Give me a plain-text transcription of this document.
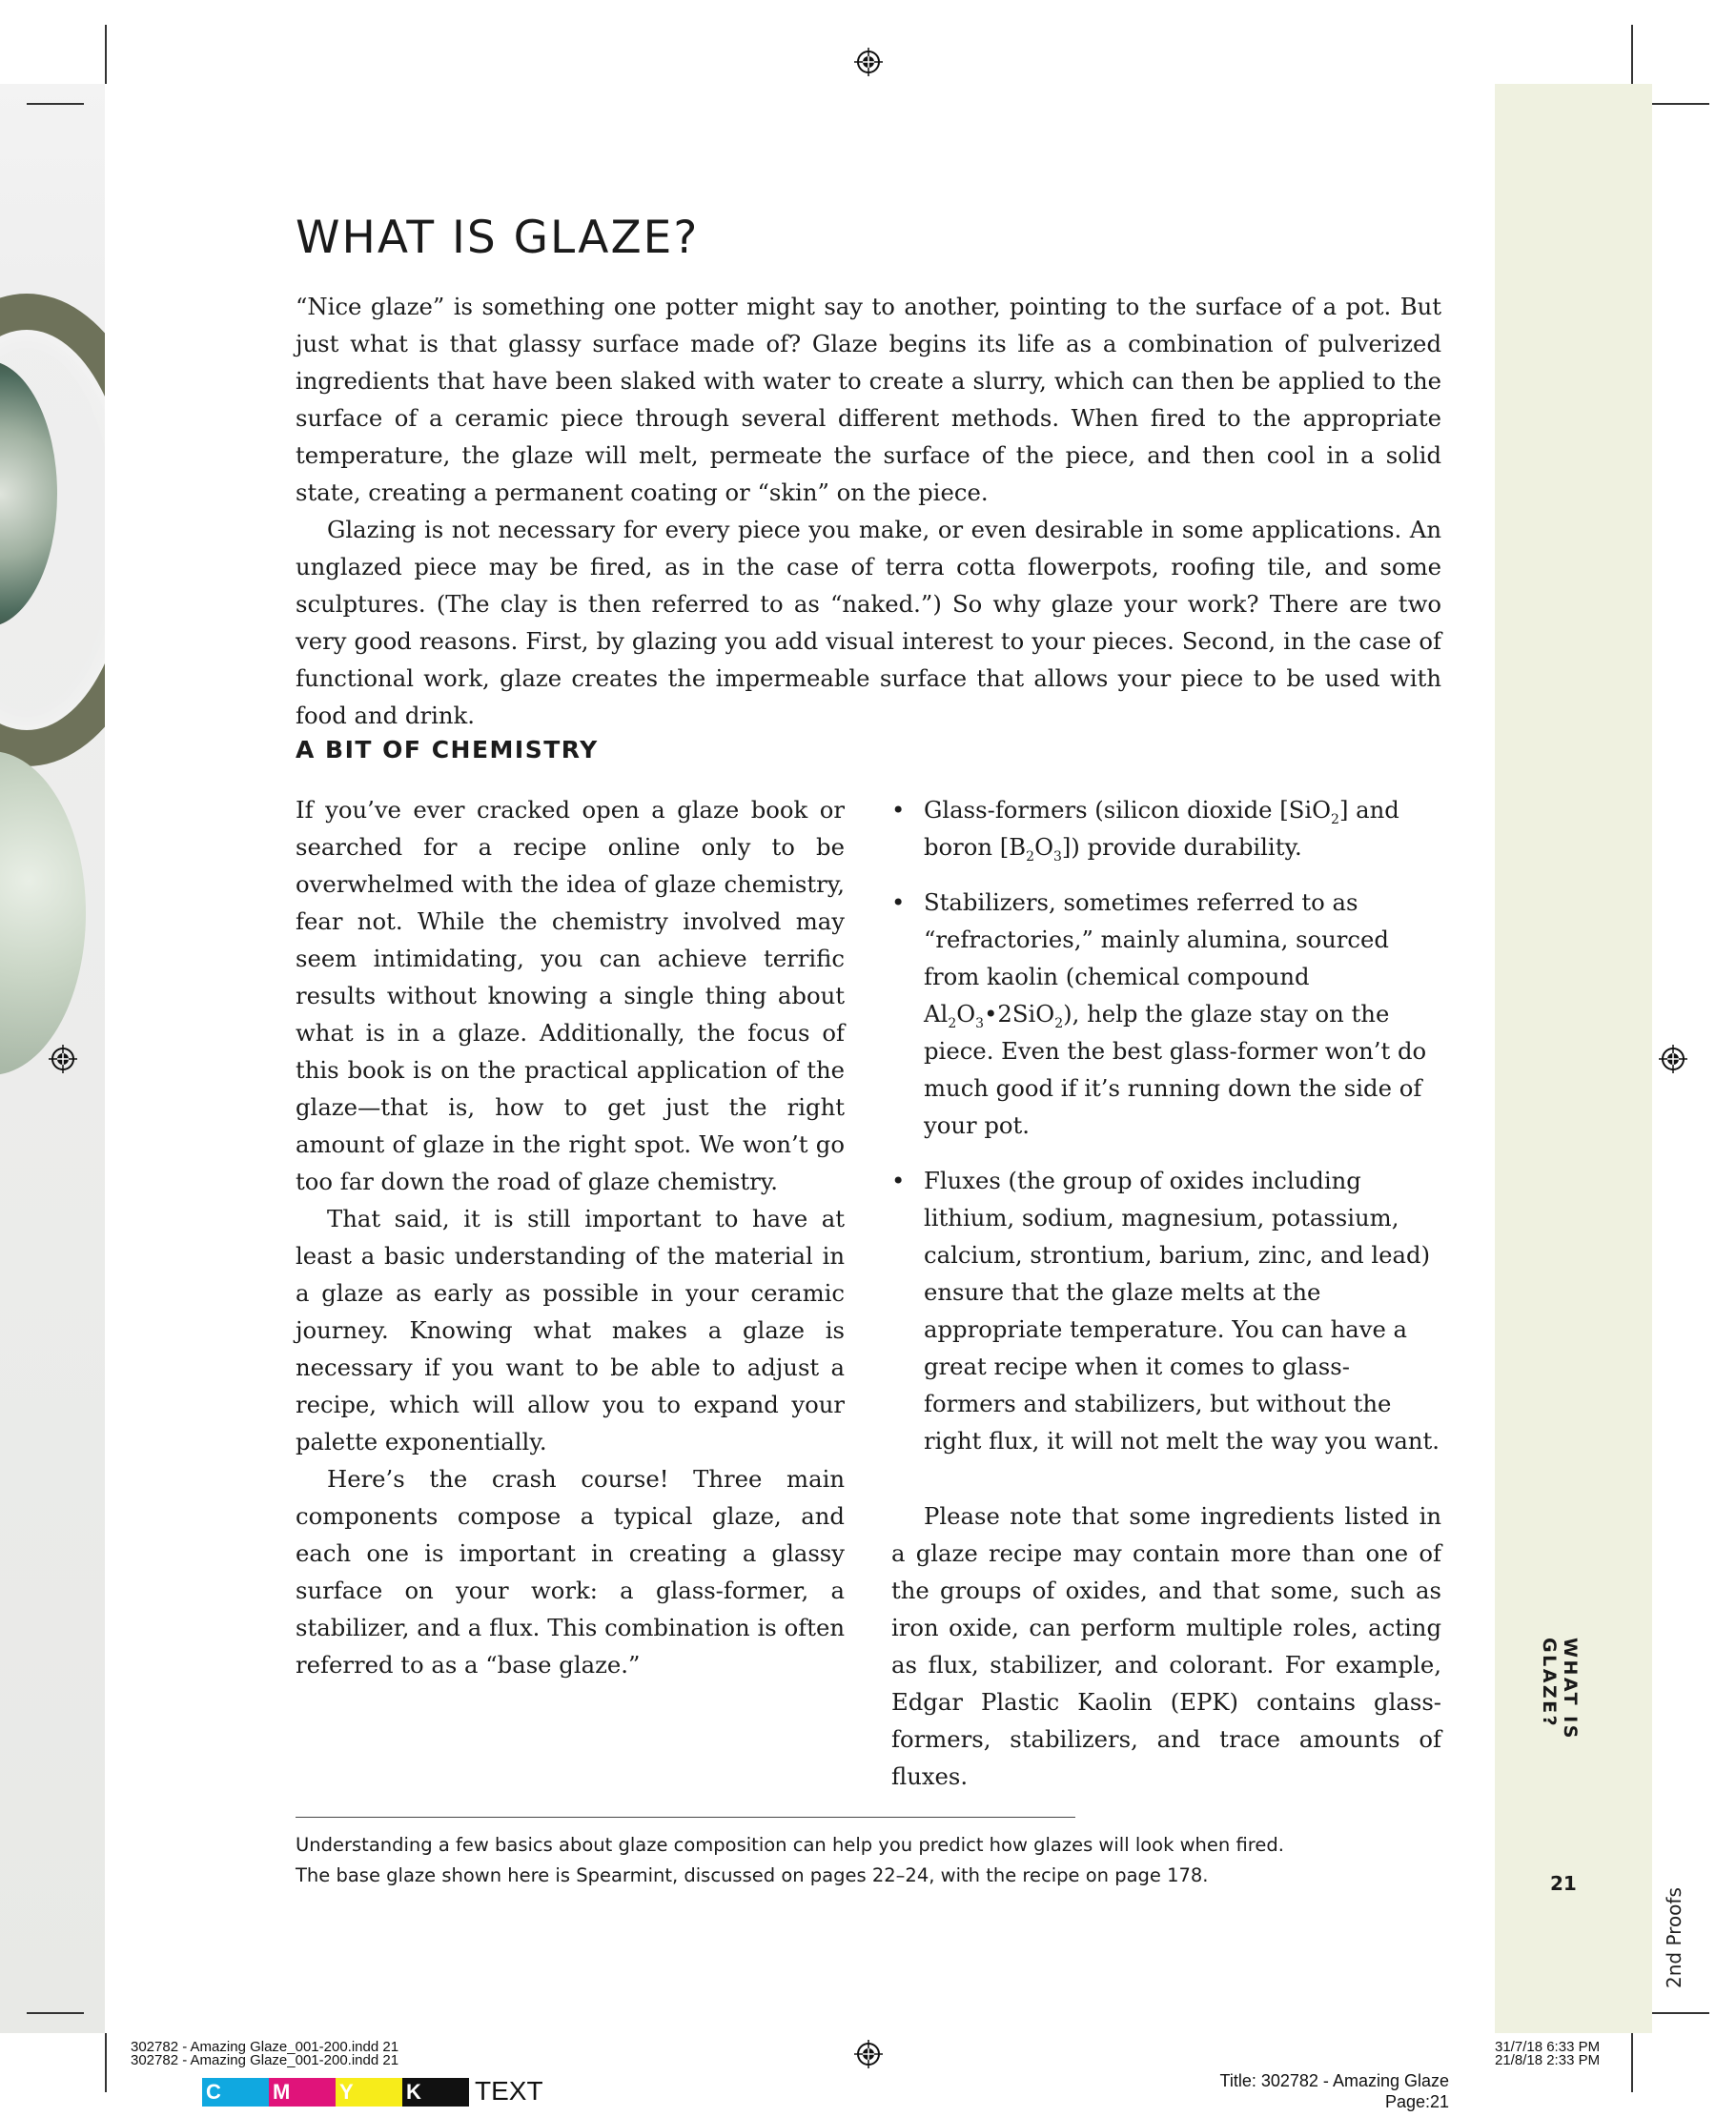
WHAT IS GLAZE?

“Nice glaze” is something one potter might say to another, pointing to the surface of a pot. But just what is that glassy surface made of? Glaze begins its life as a combination of pulverized ingredients that have been slaked with water to create a slurry, which can then be applied to the surface of a ceramic piece through several different methods. When fired to the appropriate temperature, the glaze will melt, permeate the surface of the piece, and then cool in a solid state, creating a permanent coating or “skin” on the piece.

Glazing is not necessary for every piece you make, or even desirable in some applications. An unglazed piece may be fired, as in the case of terra cotta flowerpots, roofing tile, and some sculptures. (The clay is then referred to as “naked.”) So why glaze your work? There are two very good reasons. First, by glazing you add visual interest to your pieces. Second, in the case of functional work, glaze creates the impermeable surface that allows your piece to be used with food and drink.

A BIT OF CHEMISTRY

If you’ve ever cracked open a glaze book or searched for a recipe online only to be overwhelmed with the idea of glaze chemistry, fear not. While the chemistry involved may seem intimidating, you can achieve terrific results without knowing a single thing about what is in a glaze. Additionally, the focus of this book is on the practical application of the glaze—that is, how to get just the right amount of glaze in the right spot. We won’t go too far down the road of glaze chemistry.

That said, it is still important to have at least a basic understanding of the material in a glaze as early as possible in your ceramic journey. Knowing what makes a glaze is necessary if you want to be able to adjust a recipe, which will allow you to expand your palette exponentially.

Here’s the crash course! Three main components compose a typical glaze, and each one is important in creating a glassy surface on your work: a glass-former, a stabilizer, and a flux. This combination is often referred to as a “base glaze.”

• Glass-formers (silicon dioxide [SiO$_2$] and boron $[B_2O_3]$) provide durability.
• Stabilizers, sometimes referred to as “refractories,” mainly alumina, sourced from kaolin (chemical compound $Al_2O_3•2SiO_2$), help the glaze stay on the piece. Even the best glass-former won’t do much good if it’s running down the side of your pot.
• Fluxes (the group of oxides including lithium, sodium, magnesium, potassium, calcium, strontium, barium, zinc, and lead) ensure that the glaze melts at the appropriate temperature. You can have a great recipe when it comes to glass-formers and stabilizers, but without the right flux, it will not melt the way you want.

Please note that some ingredients listed in a glaze recipe may contain more than one of the groups of oxides, and that some, such as iron oxide, can perform multiple roles, acting as flux, stabilizer, and colorant. For example, Edgar Plastic Kaolin (EPK) contains glass-formers, stabilizers, and trace amounts of fluxes.

Understanding a few basics about glaze composition can help you predict how glazes will look when fired.
The base glaze shown here is Spearmint, discussed on pages 22–24, with the recipe on page 178.
WHAT IS GLAZE?
21
2nd Proofs
302782 - Amazing Glaze_001-200.indd 21
302782 - Amazing Glaze_001-200.indd 21
31/7/18 6:33 PM
21/8/18 2:33 PM
C	M	Y	K	TEXT	Title: 302782 - Amazing Glaze
Page:21
